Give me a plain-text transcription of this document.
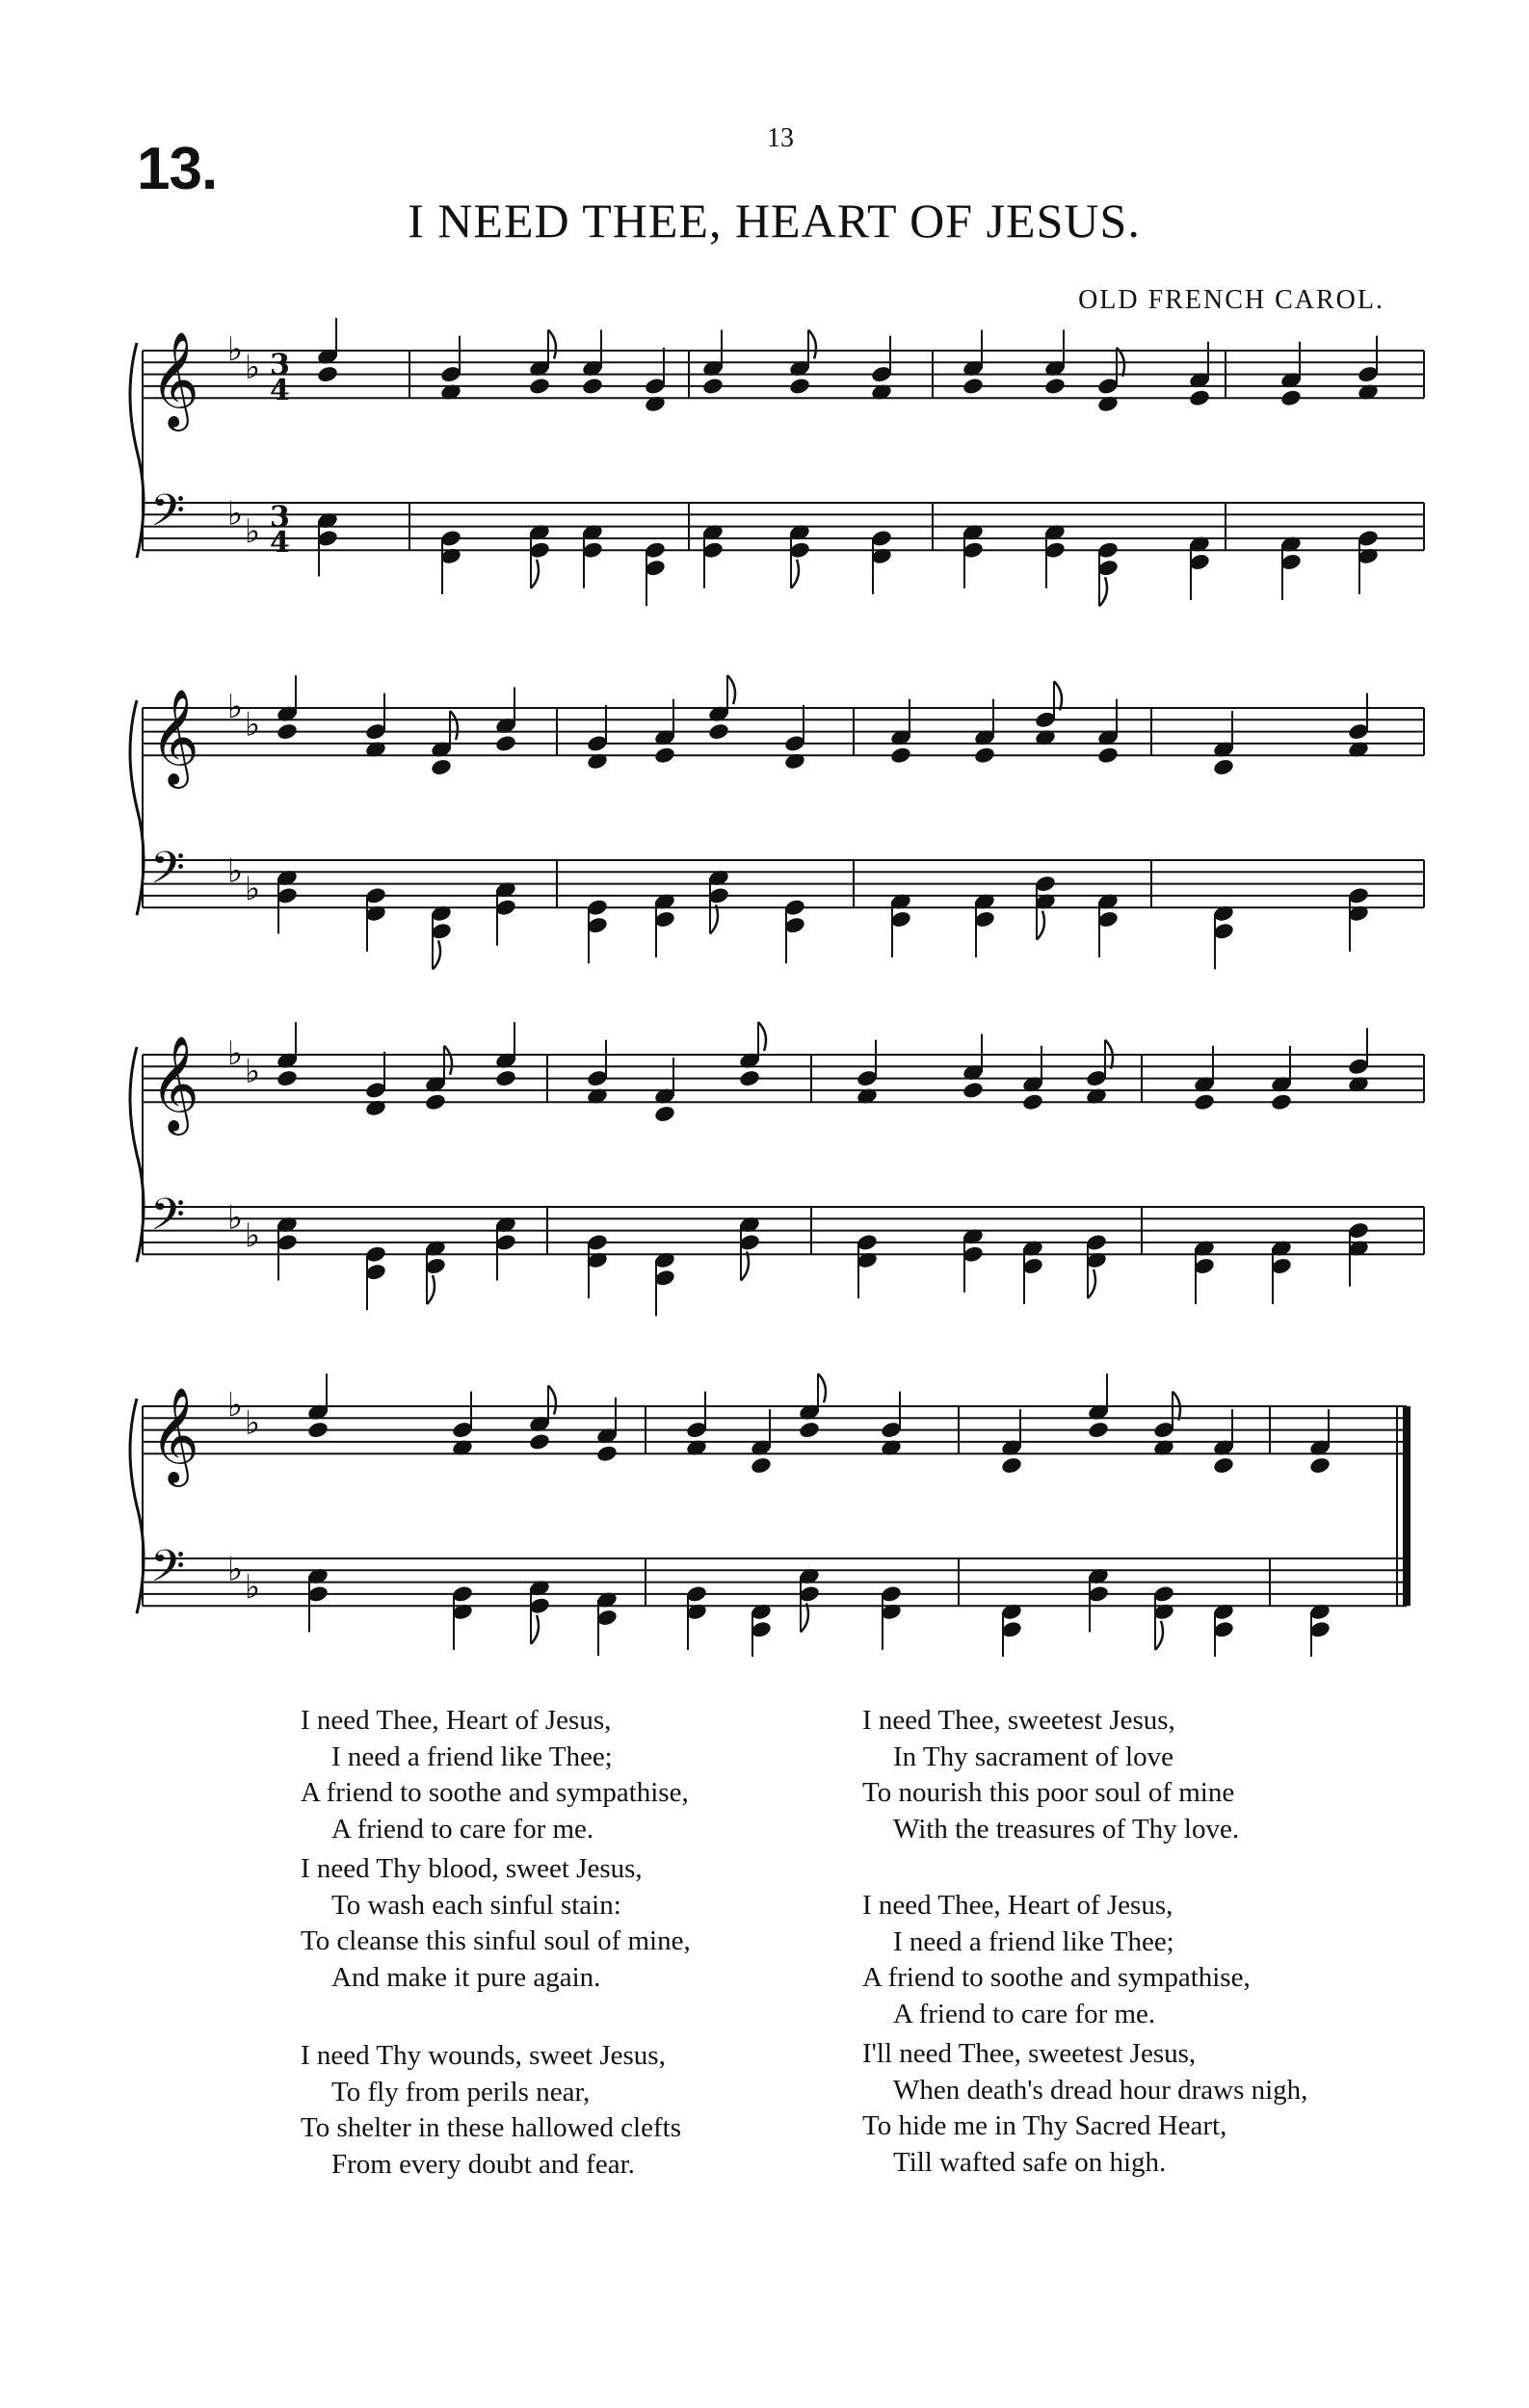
13.	13
I NEED THEE, HEART OF JESUS.
OLD FRENCH CAROL.
𝄞 ♭ ♭ 3
4
𝄢 ♭ ♭ 3
4
𝄞 ♭ ♭
𝄢 ♭ ♭
𝄞 ♭ ♭
𝄢 ♭ ♭
𝄞 ♭ ♭
𝄢 ♭ ♭
I need Thee, Heart of Jesus,
I need a friend like Thee;
A friend to soothe and sympathise,
A friend to care for me.
I need Thy blood, sweet Jesus,
To wash each sinful stain:
To cleanse this sinful soul of mine,
And make it pure again.
I need Thy wounds, sweet Jesus,
To fly from perils near,
To shelter in these hallowed clefts
From every doubt and fear.
I need Thee, sweetest Jesus,
In Thy sacrament of love
To nourish this poor soul of mine
With the treasures of Thy love.
I need Thee, Heart of Jesus,
I need a friend like Thee;
A friend to soothe and sympathise,
A friend to care for me.
I'll need Thee, sweetest Jesus,
When death's dread hour draws nigh,
To hide me in Thy Sacred Heart,
Till wafted safe on high.
